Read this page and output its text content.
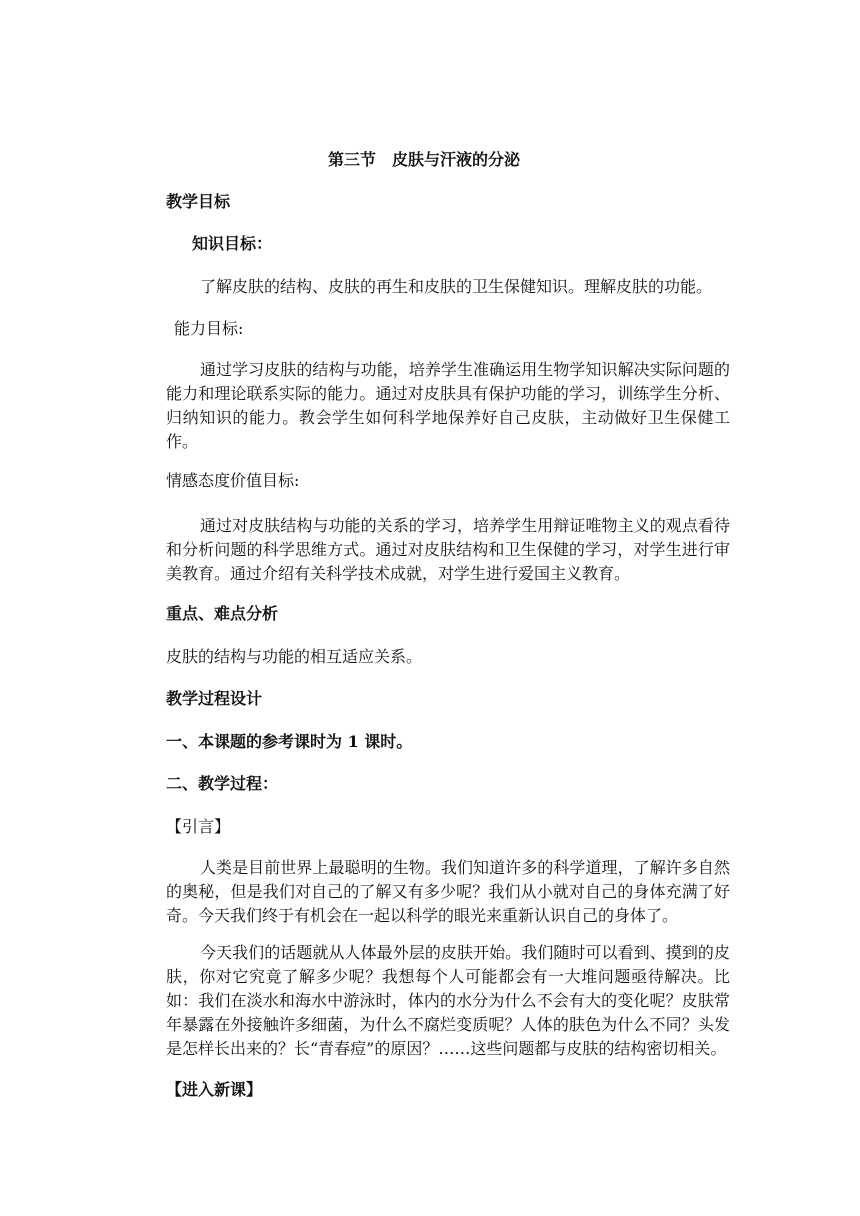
第三节　皮肤与汗液的分泌
教学目标
知识目标：
了解皮肤的结构、皮肤的再生和皮肤的卫生保健知识。理解皮肤的功能。
能力目标:
通过学习皮肤的结构与功能，培养学生准确运用生物学知识解决实际问题的能力和理论联系实际的能力。通过对皮肤具有保护功能的学习，训练学生分析、归纳知识的能力。教会学生如何科学地保养好自己皮肤，主动做好卫生保健工作。
情感态度价值目标:
通过对皮肤结构与功能的关系的学习，培养学生用辩证唯物主义的观点看待和分析问题的科学思维方式。通过对皮肤结构和卫生保健的学习，对学生进行审美教育。通过介绍有关科学技术成就，对学生进行爱国主义教育。
重点、难点分析
皮肤的结构与功能的相互适应关系。
教学过程设计
一、本课题的参考课时为 1 课时。
二、教学过程：
【引言】
人类是目前世界上最聪明的生物。我们知道许多的科学道理，了解许多自然的奥秘，但是我们对自己的了解又有多少呢？我们从小就对自己的身体充满了好奇。今天我们终于有机会在一起以科学的眼光来重新认识自己的身体了。
今天我们的话题就从人体最外层的皮肤开始。我们随时可以看到、摸到的皮肤，你对它究竟了解多少呢？我想每个人可能都会有一大堆问题亟待解决。比如：我们在淡水和海水中游泳时，体内的水分为什么不会有大的变化呢？皮肤常年暴露在外接触许多细菌，为什么不腐烂变质呢？人体的肤色为什么不同？头发是怎样长出来的？长“青春痘”的原因？……这些问题都与皮肤的结构密切相关。
【进入新课】
